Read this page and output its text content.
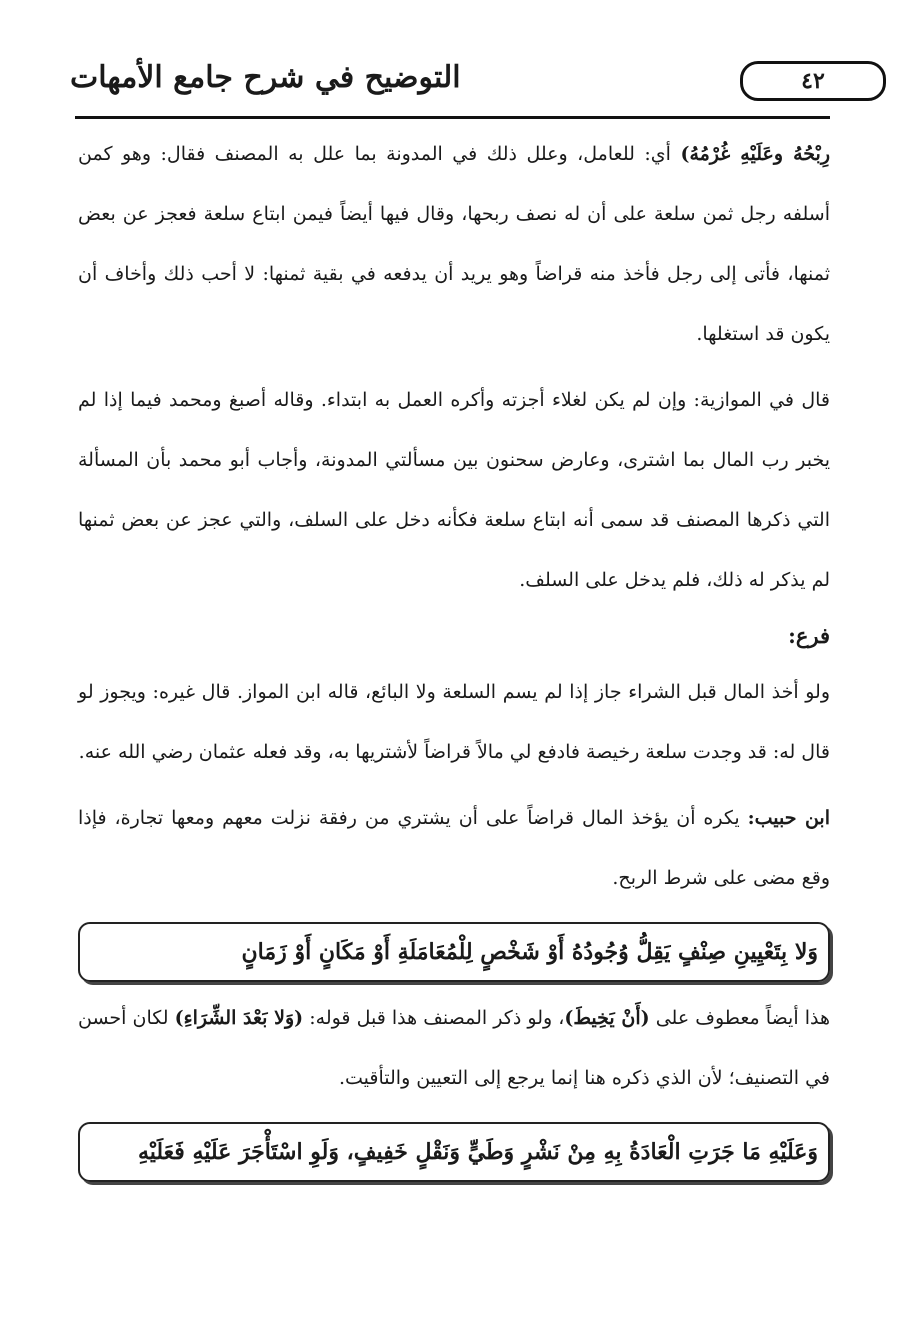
التوضيح في شرح جامع الأمهات	٤٢

رِبْحُهُ وعَلَيْهِ غُرْمُهُ) أي: للعامل، وعلل ذلك في المدونة بما علل به المصنف فقال: وهو كمن أسلفه رجل ثمن سلعة على أن له نصف ربحها، وقال فيها أيضاً فيمن ابتاع سلعة فعجز عن بعض ثمنها، فأتى إلى رجل فأخذ منه قراضاً وهو يريد أن يدفعه في بقية ثمنها: لا أحب ذلك وأخاف أن يكون قد استغلها.

قال في الموازية: وإن لم يكن لغلاء أجزته وأكره العمل به ابتداء. وقاله أصبغ ومحمد فيما إذا لم يخبر رب المال بما اشترى، وعارض سحنون بين مسألتي المدونة، وأجاب أبو محمد بأن المسألة التي ذكرها المصنف قد سمى أنه ابتاع سلعة فكأنه دخل على السلف، والتي عجز عن بعض ثمنها لم يذكر له ذلك، فلم يدخل على السلف.

فرع:

ولو أخذ المال قبل الشراء جاز إذا لم يسم السلعة ولا البائع، قاله ابن المواز. قال غيره: ويجوز لو قال له: قد وجدت سلعة رخيصة فادفع لي مالاً قراضاً لأشتريها به، وقد فعله عثمان رضي الله عنه.

ابن حبيب: يكره أن يؤخذ المال قراضاً على أن يشتري من رفقة نزلت معهم ومعها تجارة، فإذا وقع مضى على شرط الربح.

وَلا بِتَعْيِينِ صِنْفٍ يَقِلُّ وُجُودُهُ أَوْ شَخْصٍ لِلْمُعَامَلَةِ أَوْ مَكَانٍ أَوْ زَمَانٍ

هذا أيضاً معطوف على (أَنْ يَخِيطَ)، ولو ذكر المصنف هذا قبل قوله: (وَلا بَعْدَ الشِّرَاءِ) لكان أحسن في التصنيف؛ لأن الذي ذكره هنا إنما يرجع إلى التعيين والتأقيت.

وَعَلَيْهِ مَا جَرَتِ الْعَادَةُ بِهِ مِنْ نَشْرٍ وَطَيٍّ وَنَقْلٍ خَفِيفٍ، وَلَوِ اسْتَأْجَرَ عَلَيْهِ فَعَلَيْهِ
